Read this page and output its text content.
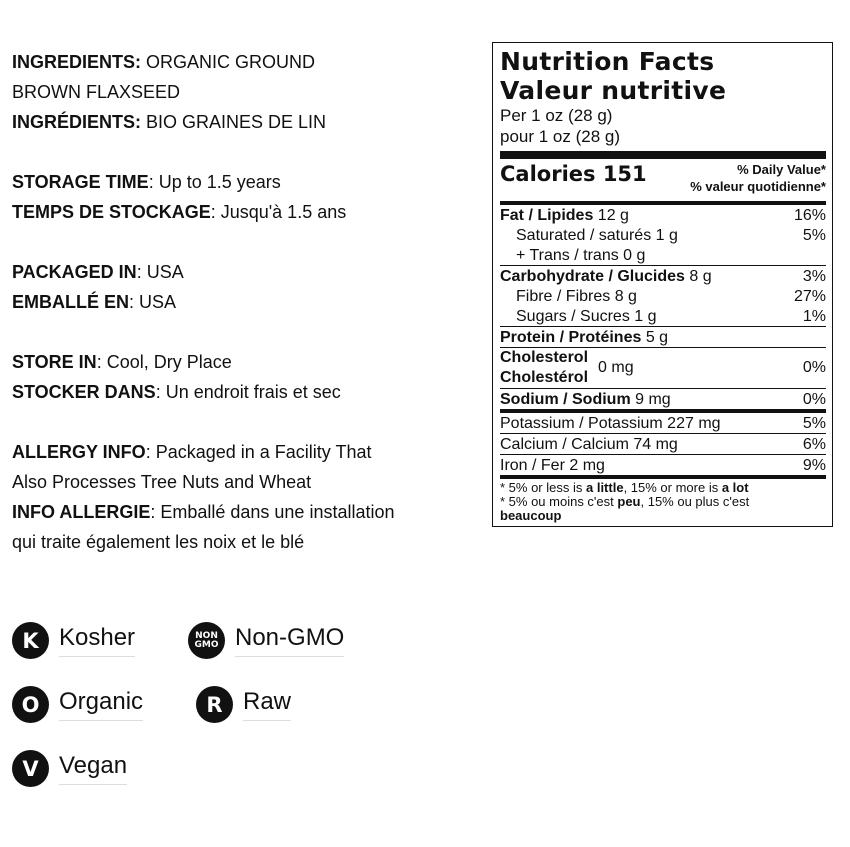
INGREDIENTS: ORGANIC GROUND
BROWN FLAXSEED
INGRÉDIENTS: BIO GRAINES DE LIN
STORAGE TIME: Up to 1.5 years
TEMPS DE STOCKAGE: Jusqu'à 1.5 ans
PACKAGED IN: USA
EMBALLÉ EN: USA
STORE IN: Cool, Dry Place
STOCKER DANS: Un endroit frais et sec
ALLERGY INFO: Packaged in a Facility That
Also Processes Tree Nuts and Wheat
INFO ALLERGIE: Emballé dans une installation
qui traite également les noix et le blé
K Kosher	NON
GMO Non-GMO
O Organic	R Raw
V Vegan
Nutrition Facts
Valeur nutritive
Per 1 oz (28 g)
pour 1 oz (28 g)
Calories 151	% Daily Value*
% valeur quotidienne*
Fat / Lipides 12 g	16%
Saturated / saturés 1 g	5%
+ Trans / trans 0 g
Carbohydrate / Glucides 8 g	3%
Fibre / Fibres 8 g	27%
Sugars / Sucres 1 g	1%
Protein / Protéines 5 g
Cholesterol
Cholestérol
0 mg	0%
Sodium / Sodium 9 mg	0%
Potassium / Potassium 227 mg	5%
Calcium / Calcium 74 mg	6%
Iron / Fer 2 mg	9%
* 5% or less is a little, 15% or more is a lot
* 5% ou moins c'est peu, 15% ou plus c'est
beaucoup
